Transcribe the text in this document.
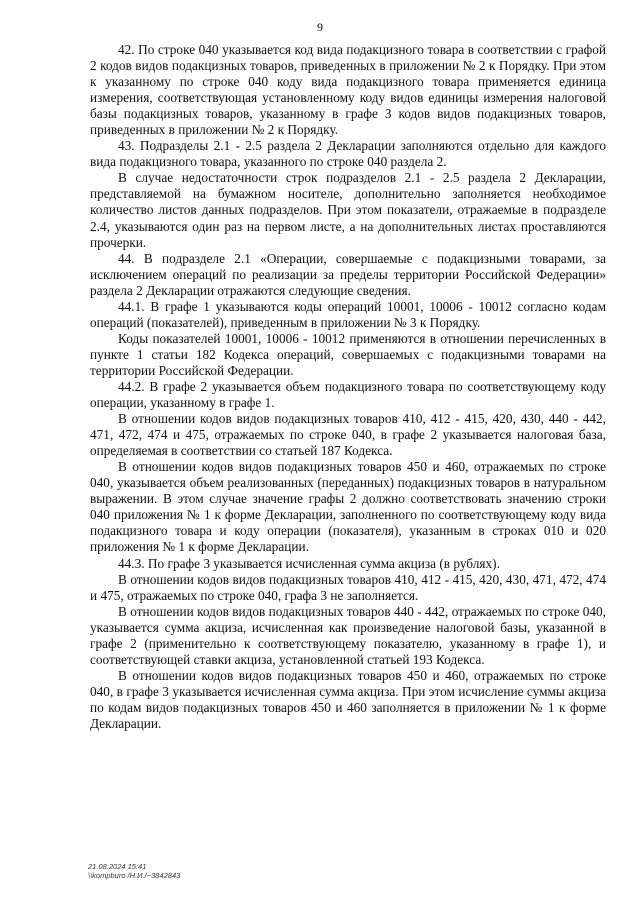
9

42. По строке 040 указывается код вида подакцизного товара в соответствии с графой 2 кодов видов подакцизных товаров, приведенных в приложении № 2 к Порядку. При этом к указанному по строке 040 коду вида подакцизного товара применяется единица измерения, соответствующая установленному коду видов единицы измерения налоговой базы подакцизных товаров, указанному в графе 3 кодов видов подакцизных товаров, приведенных в приложении № 2 к Порядку.

43. Подразделы 2.1 - 2.5 раздела 2 Декларации заполняются отдельно для каждого вида подакцизного товара, указанного по строке 040 раздела 2.

В случае недостаточности строк подразделов 2.1 - 2.5 раздела 2 Декларации, представляемой на бумажном носителе, дополнительно заполняется необходимое количество листов данных подразделов. При этом показатели, отражаемые в подразделе 2.4, указываются один раз на первом листе, а на дополнительных листах проставляются прочерки.

44. В подразделе 2.1 «Операции, совершаемые с подакцизными товарами, за исключением операций по реализации за пределы территории Российской Федерации» раздела 2 Декларации отражаются следующие сведения.

44.1. В графе 1 указываются коды операций 10001, 10006 - 10012 согласно кодам операций (показателей), приведенным в приложении № 3 к Порядку.

Коды показателей 10001, 10006 - 10012 применяются в отношении перечисленных в пункте 1 статьи 182 Кодекса операций, совершаемых с подакцизными товарами на территории Российской Федерации.

44.2. В графе 2 указывается объем подакцизного товара по соответствующему коду операции, указанному в графе 1.

В отношении кодов видов подакцизных товаров 410, 412 - 415, 420, 430, 440 - 442, 471, 472, 474 и 475, отражаемых по строке 040, в графе 2 указывается налоговая база, определяемая в соответствии со статьей 187 Кодекса.

В отношении кодов видов подакцизных товаров 450 и 460, отражаемых по строке 040, указывается объем реализованных (переданных) подакцизных товаров в натуральном выражении. В этом случае значение графы 2 должно соответствовать значению строки 040 приложения № 1 к форме Декларации, заполненного по соответствующему коду вида подакцизного товара и коду операции (показателя), указанным в строках 010 и 020 приложения № 1 к форме Декларации.

44.3. По графе 3 указывается исчисленная сумма акциза (в рублях).

В отношении кодов видов подакцизных товаров 410, 412 - 415, 420, 430, 471, 472, 474 и 475, отражаемых по строке 040, графа 3 не заполняется.

В отношении кодов видов подакцизных товаров 440 - 442, отражаемых по строке 040, указывается сумма акциза, исчисленная как произведение налоговой базы, указанной в графе 2 (применительно к соответствующему показателю, указанному в графе 1), и соответствующей ставки акциза, установленной статьей 193 Кодекса.

В отношении кодов видов подакцизных товаров 450 и 460, отражаемых по строке 040, в графе 3 указывается исчисленная сумма акциза. При этом исчисление суммы акциза по кодам видов подакцизных товаров 450 и 460 заполняется в приложении № 1 к форме Декларации.

21.08.2024 15:41
\\kompburo /Н.И./~3842843
